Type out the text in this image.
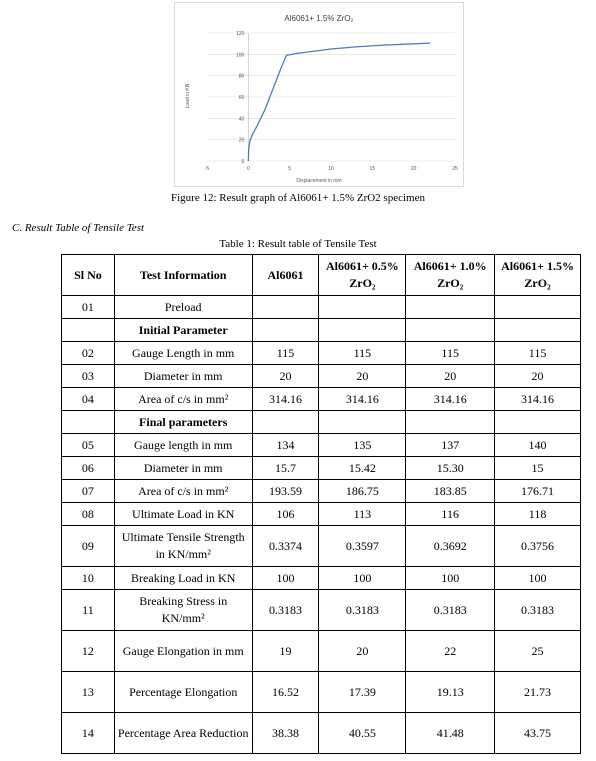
Al6061+ 1.5% ZrO₂
Displacement in mm
Load in KN
0
20
40
60
80
100
120
-5	0	5	10	15	20	25
Figure 12: Result graph of Al6061+ 1.5% ZrO2 specimen
C. Result Table of Tensile Test
Table 1: Result table of Tensile Test
Sl No	Test Information	Al6061	Al6061+ 0.5% ZrO₂	Al6061+ 1.0% ZrO₂	Al6061+ 1.5% ZrO₂
01	Preload				
	Initial Parameter				
02	Gauge Length in mm	115	115	115	115
03	Diameter in mm	20	20	20	20
04	Area of c/s in mm²	314.16	314.16	314.16	314.16
	Final parameters				
05	Gauge length in mm	134	135	137	140
06	Diameter in mm	15.7	15.42	15.30	15
07	Area of c/s in mm²	193.59	186.75	183.85	176.71
08	Ultimate Load in KN	106	113	116	118
09	Ultimate Tensile Strength in KN/mm²	0.3374	0.3597	0.3692	0.3756
10	Breaking Load in KN	100	100	100	100
11	Breaking Stress in KN/mm²	0.3183	0.3183	0.3183	0.3183
12	Gauge Elongation in mm	19	20	22	25
13	Percentage Elongation	16.52	17.39	19.13	21.73
14	Percentage Area Reduction	38.38	40.55	41.48	43.75
